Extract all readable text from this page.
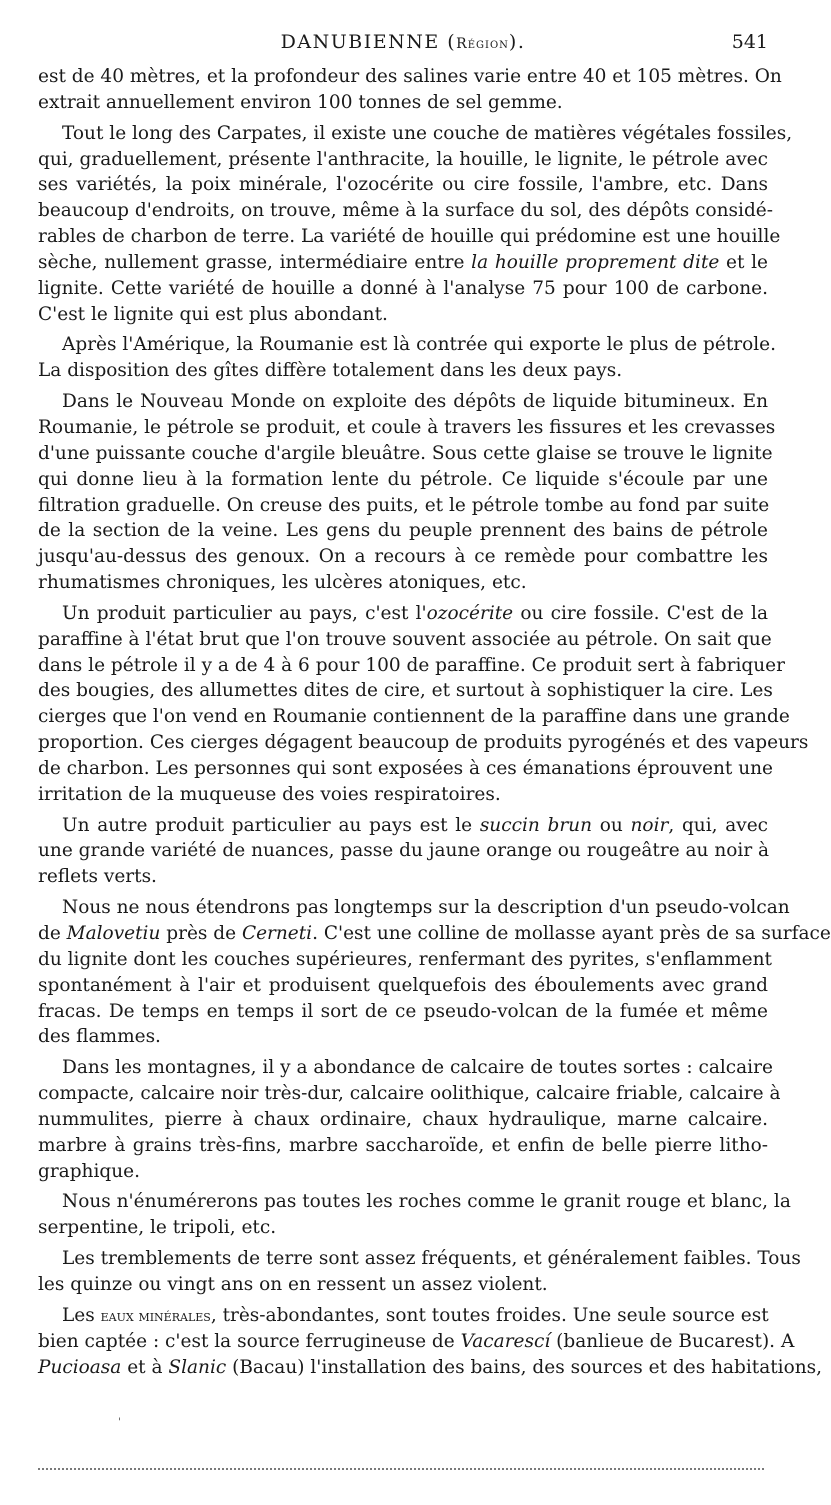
DANUBIENNE (Région).	541
est de 40 mètres, et la profondeur des salines varie entre 40 et 105 mètres. On
extrait annuellement environ 100 tonnes de sel gemme.
Tout le long des Carpates, il existe une couche de matières végétales fossiles,
qui, graduellement, présente l'anthracite, la houille, le lignite, le pétrole avec
ses variétés, la poix minérale, l'ozocérite ou cire fossile, l'ambre, etc. Dans
beaucoup d'endroits, on trouve, même à la surface du sol, des dépôts considé-
rables de charbon de terre. La variété de houille qui prédomine est une houille
sèche, nullement grasse, intermédiaire entre la houille proprement dite et le
lignite. Cette variété de houille a donné à l'analyse 75 pour 100 de carbone.
C'est le lignite qui est plus abondant.
Après l'Amérique, la Roumanie est là contrée qui exporte le plus de pétrole.
La disposition des gîtes diffère totalement dans les deux pays.
Dans le Nouveau Monde on exploite des dépôts de liquide bitumineux. En
Roumanie, le pétrole se produit, et coule à travers les fissures et les crevasses
d'une puissante couche d'argile bleuâtre. Sous cette glaise se trouve le lignite
qui donne lieu à la formation lente du pétrole. Ce liquide s'écoule par une
filtration graduelle. On creuse des puits, et le pétrole tombe au fond par suite
de la section de la veine. Les gens du peuple prennent des bains de pétrole
jusqu'au-dessus des genoux. On a recours à ce remède pour combattre les
rhumatismes chroniques, les ulcères atoniques, etc.
Un produit particulier au pays, c'est l'ozocérite ou cire fossile. C'est de la
paraffine à l'état brut que l'on trouve souvent associée au pétrole. On sait que
dans le pétrole il y a de 4 à 6 pour 100 de paraffine. Ce produit sert à fabriquer
des bougies, des allumettes dites de cire, et surtout à sophistiquer la cire. Les
cierges que l'on vend en Roumanie contiennent de la paraffine dans une grande
proportion. Ces cierges dégagent beaucoup de produits pyrogénés et des vapeurs
de charbon. Les personnes qui sont exposées à ces émanations éprouvent une
irritation de la muqueuse des voies respiratoires.
Un autre produit particulier au pays est le succin brun ou noir, qui, avec
une grande variété de nuances, passe du jaune orange ou rougeâtre au noir à
reflets verts.
Nous ne nous étendrons pas longtemps sur la description d'un pseudo-volcan
de Malovetiu près de Cerneti. C'est une colline de mollasse ayant près de sa surface
du lignite dont les couches supérieures, renfermant des pyrites, s'enflamment
spontanément à l'air et produisent quelquefois des éboulements avec grand
fracas. De temps en temps il sort de ce pseudo-volcan de la fumée et même
des flammes.
Dans les montagnes, il y a abondance de calcaire de toutes sortes : calcaire
compacte, calcaire noir très-dur, calcaire oolithique, calcaire friable, calcaire à
nummulites, pierre à chaux ordinaire, chaux hydraulique, marne calcaire.
marbre à grains très-fins, marbre saccharoïde, et enfin de belle pierre litho-
graphique.
Nous n'énumérerons pas toutes les roches comme le granit rouge et blanc, la
serpentine, le tripoli, etc.
Les tremblements de terre sont assez fréquents, et généralement faibles. Tous
les quinze ou vingt ans on en ressent un assez violent.
Les eaux minérales, très-abondantes, sont toutes froides. Une seule source est
bien captée : c'est la source ferrugineuse de Vacarescí (banlieue de Bucarest). A
Pucioasa et à Slanic (Bacau) l'installation des bains, des sources et des habitations,
'
